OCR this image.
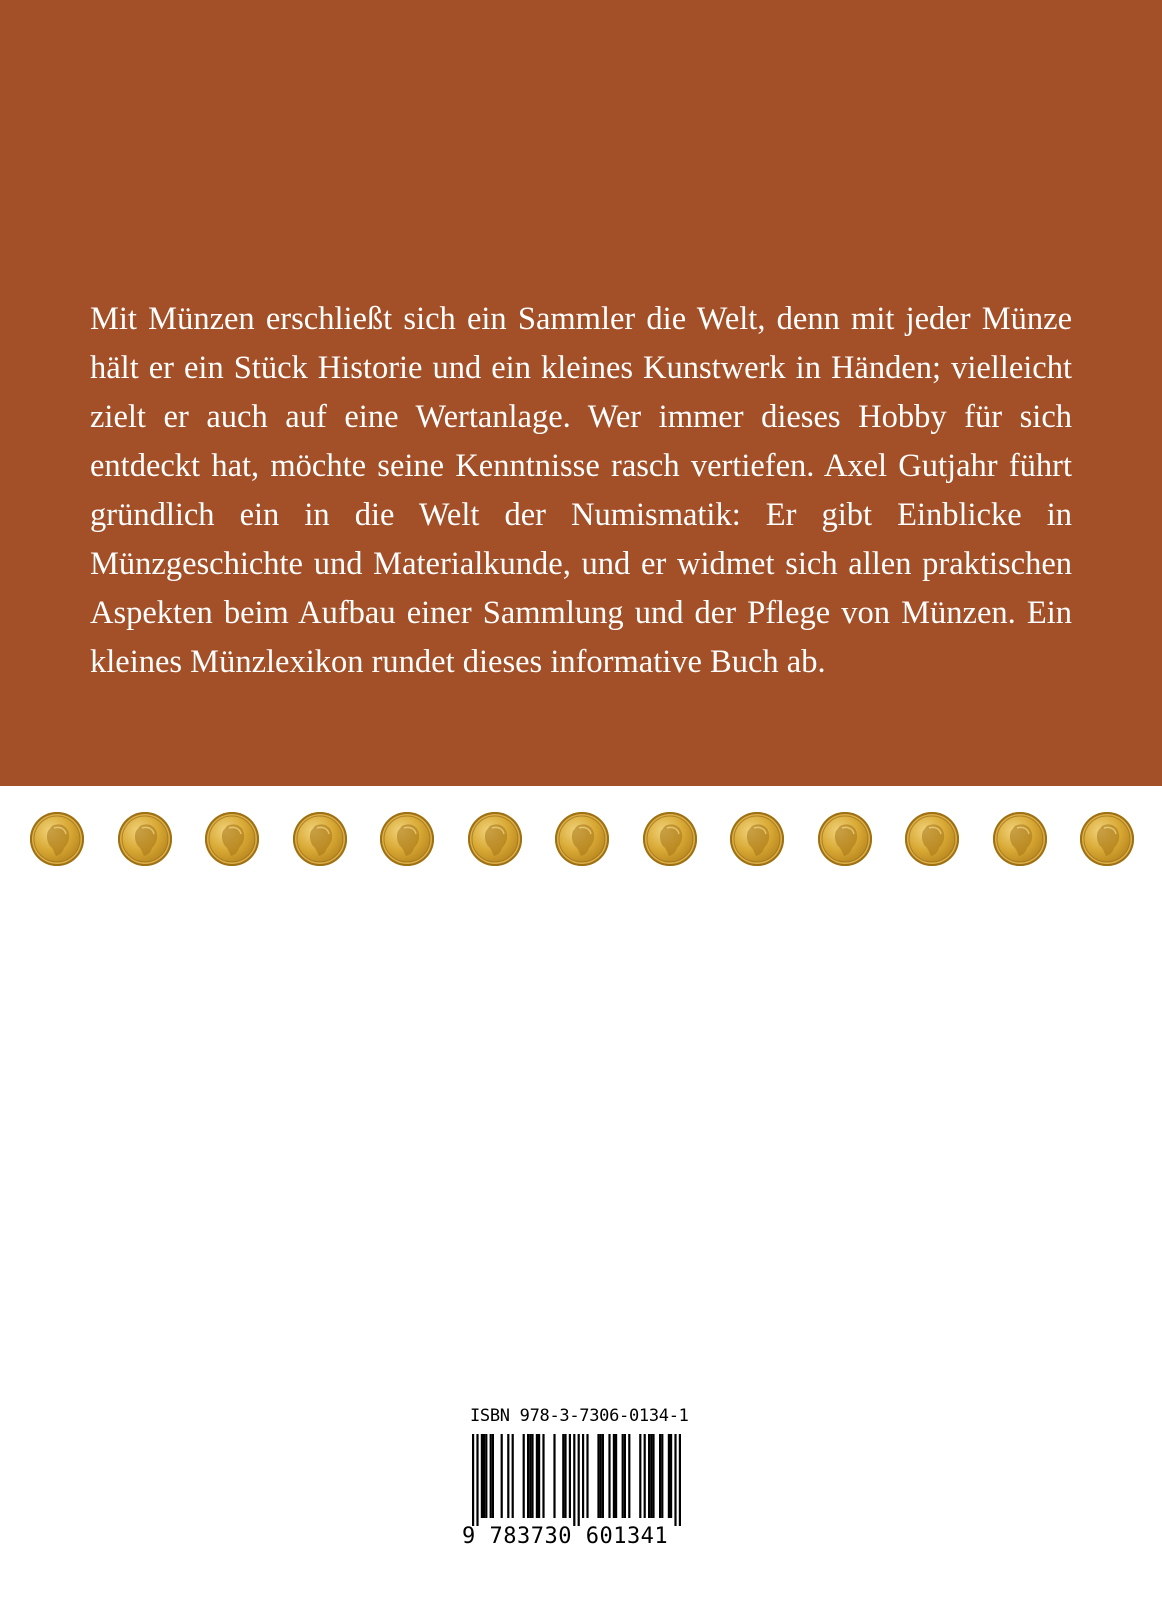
Mit Münzen erschließt sich ein Sammler die Welt, denn mit jeder Münze hält er ein Stück Historie und ein kleines Kunstwerk in Händen; vielleicht zielt er auch auf eine Wertanlage. Wer immer dieses Hobby für sich entdeckt hat, möchte seine Kenntnisse rasch vertiefen. Axel Gutjahr führt gründlich ein in die Welt der Numismatik: Er gibt Einblicke in Münzgeschichte und Materialkunde, und er widmet sich allen praktischen Aspekten beim Aufbau einer Sammlung und der Pflege von Münzen. Ein kleines Münzlexikon rundet dieses informative Buch ab.

ISBN 978-3-7306-0134-1
9 783730 601341
